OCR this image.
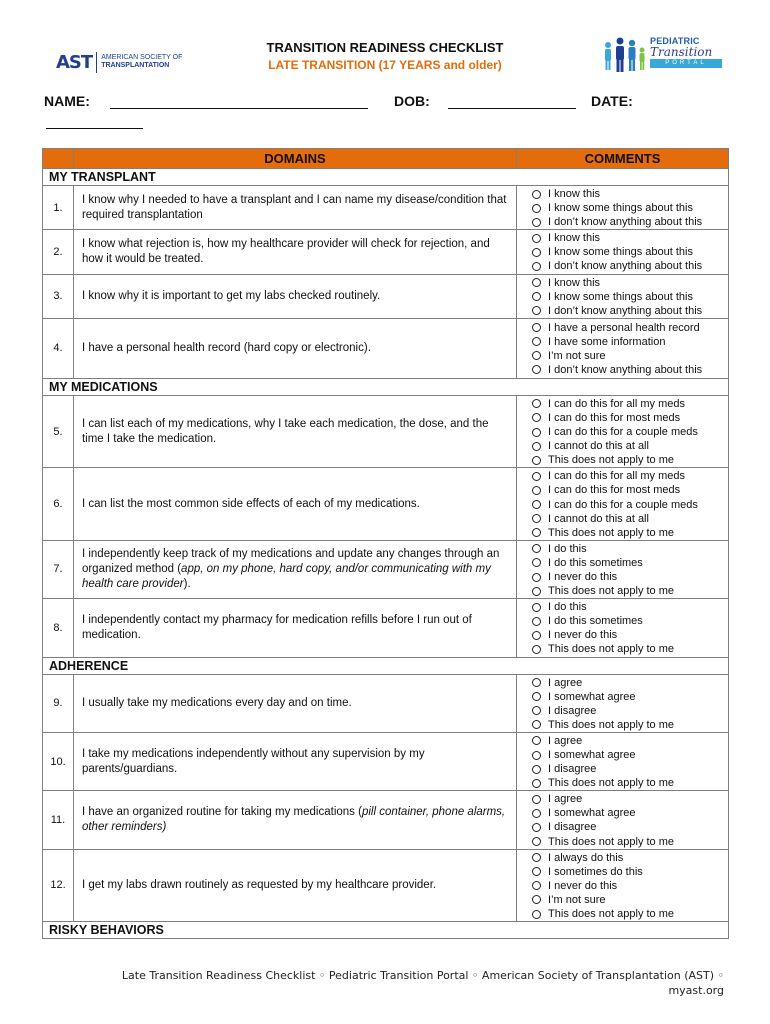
AST	AMERICAN SOCIETY OF
TRANSPLANTATION
TRANSITION READINESS CHECKLIST
LATE TRANSITION (17 YEARS and older)
PEDIATRIC
Transition
PORTAL
NAME:	DOB:	DATE:
	DOMAINS	COMMENTS
MY TRANSPLANT		
1.	I know why I needed to have a transplant and I can name my disease/condition that required transplantation	I know this
I know some things about this
I don’t know anything about this

2.	I know what rejection is, how my healthcare provider will check for rejection, and how it would be treated.	I know this
I know some things about this
I don’t know anything about this

3.	I know why it is important to get my labs checked routinely.	I know this
I know some things about this
I don’t know anything about this

4.	I have a personal health record (hard copy or electronic).	I have a personal health record
I have some information
I’m not sure
I don’t know anything about this

MY MEDICATIONS		
5.	I can list each of my medications, why I take each medication, the dose, and the time I take the medication.	I can do this for all my meds
I can do this for most meds
I can do this for a couple meds
I cannot do this at all
This does not apply to me

6.	I can list the most common side effects of each of my medications.	I can do this for all my meds
I can do this for most meds
I can do this for a couple meds
I cannot do this at all
This does not apply to me

7.	I independently keep track of my medications and update any changes through an organized method (app, on my phone, hard copy, and/or communicating with my health care provider).	I do this
I do this sometimes
I never do this
This does not apply to me

8.	I independently contact my pharmacy for medication refills before I run out of medication.	I do this
I do this sometimes
I never do this
This does not apply to me

ADHERENCE		
9.	I usually take my medications every day and on time.	I agree
I somewhat agree
I disagree
This does not apply to me

10.	I take my medications independently without any supervision by my parents/guardians.	I agree
I somewhat agree
I disagree
This does not apply to me

11.	I have an organized routine for taking my medications (pill container, phone alarms, other reminders)	I agree
I somewhat agree
I disagree
This does not apply to me

12.	I get my labs drawn routinely as requested by my healthcare provider.	I always do this
I sometimes do this
I never do this
I’m not sure
This does not apply to me

RISKY BEHAVIORS		
Late Transition Readiness Checklist ◦ Pediatric Transition Portal ◦ American Society of Transplantation (AST) ◦
myast.org
